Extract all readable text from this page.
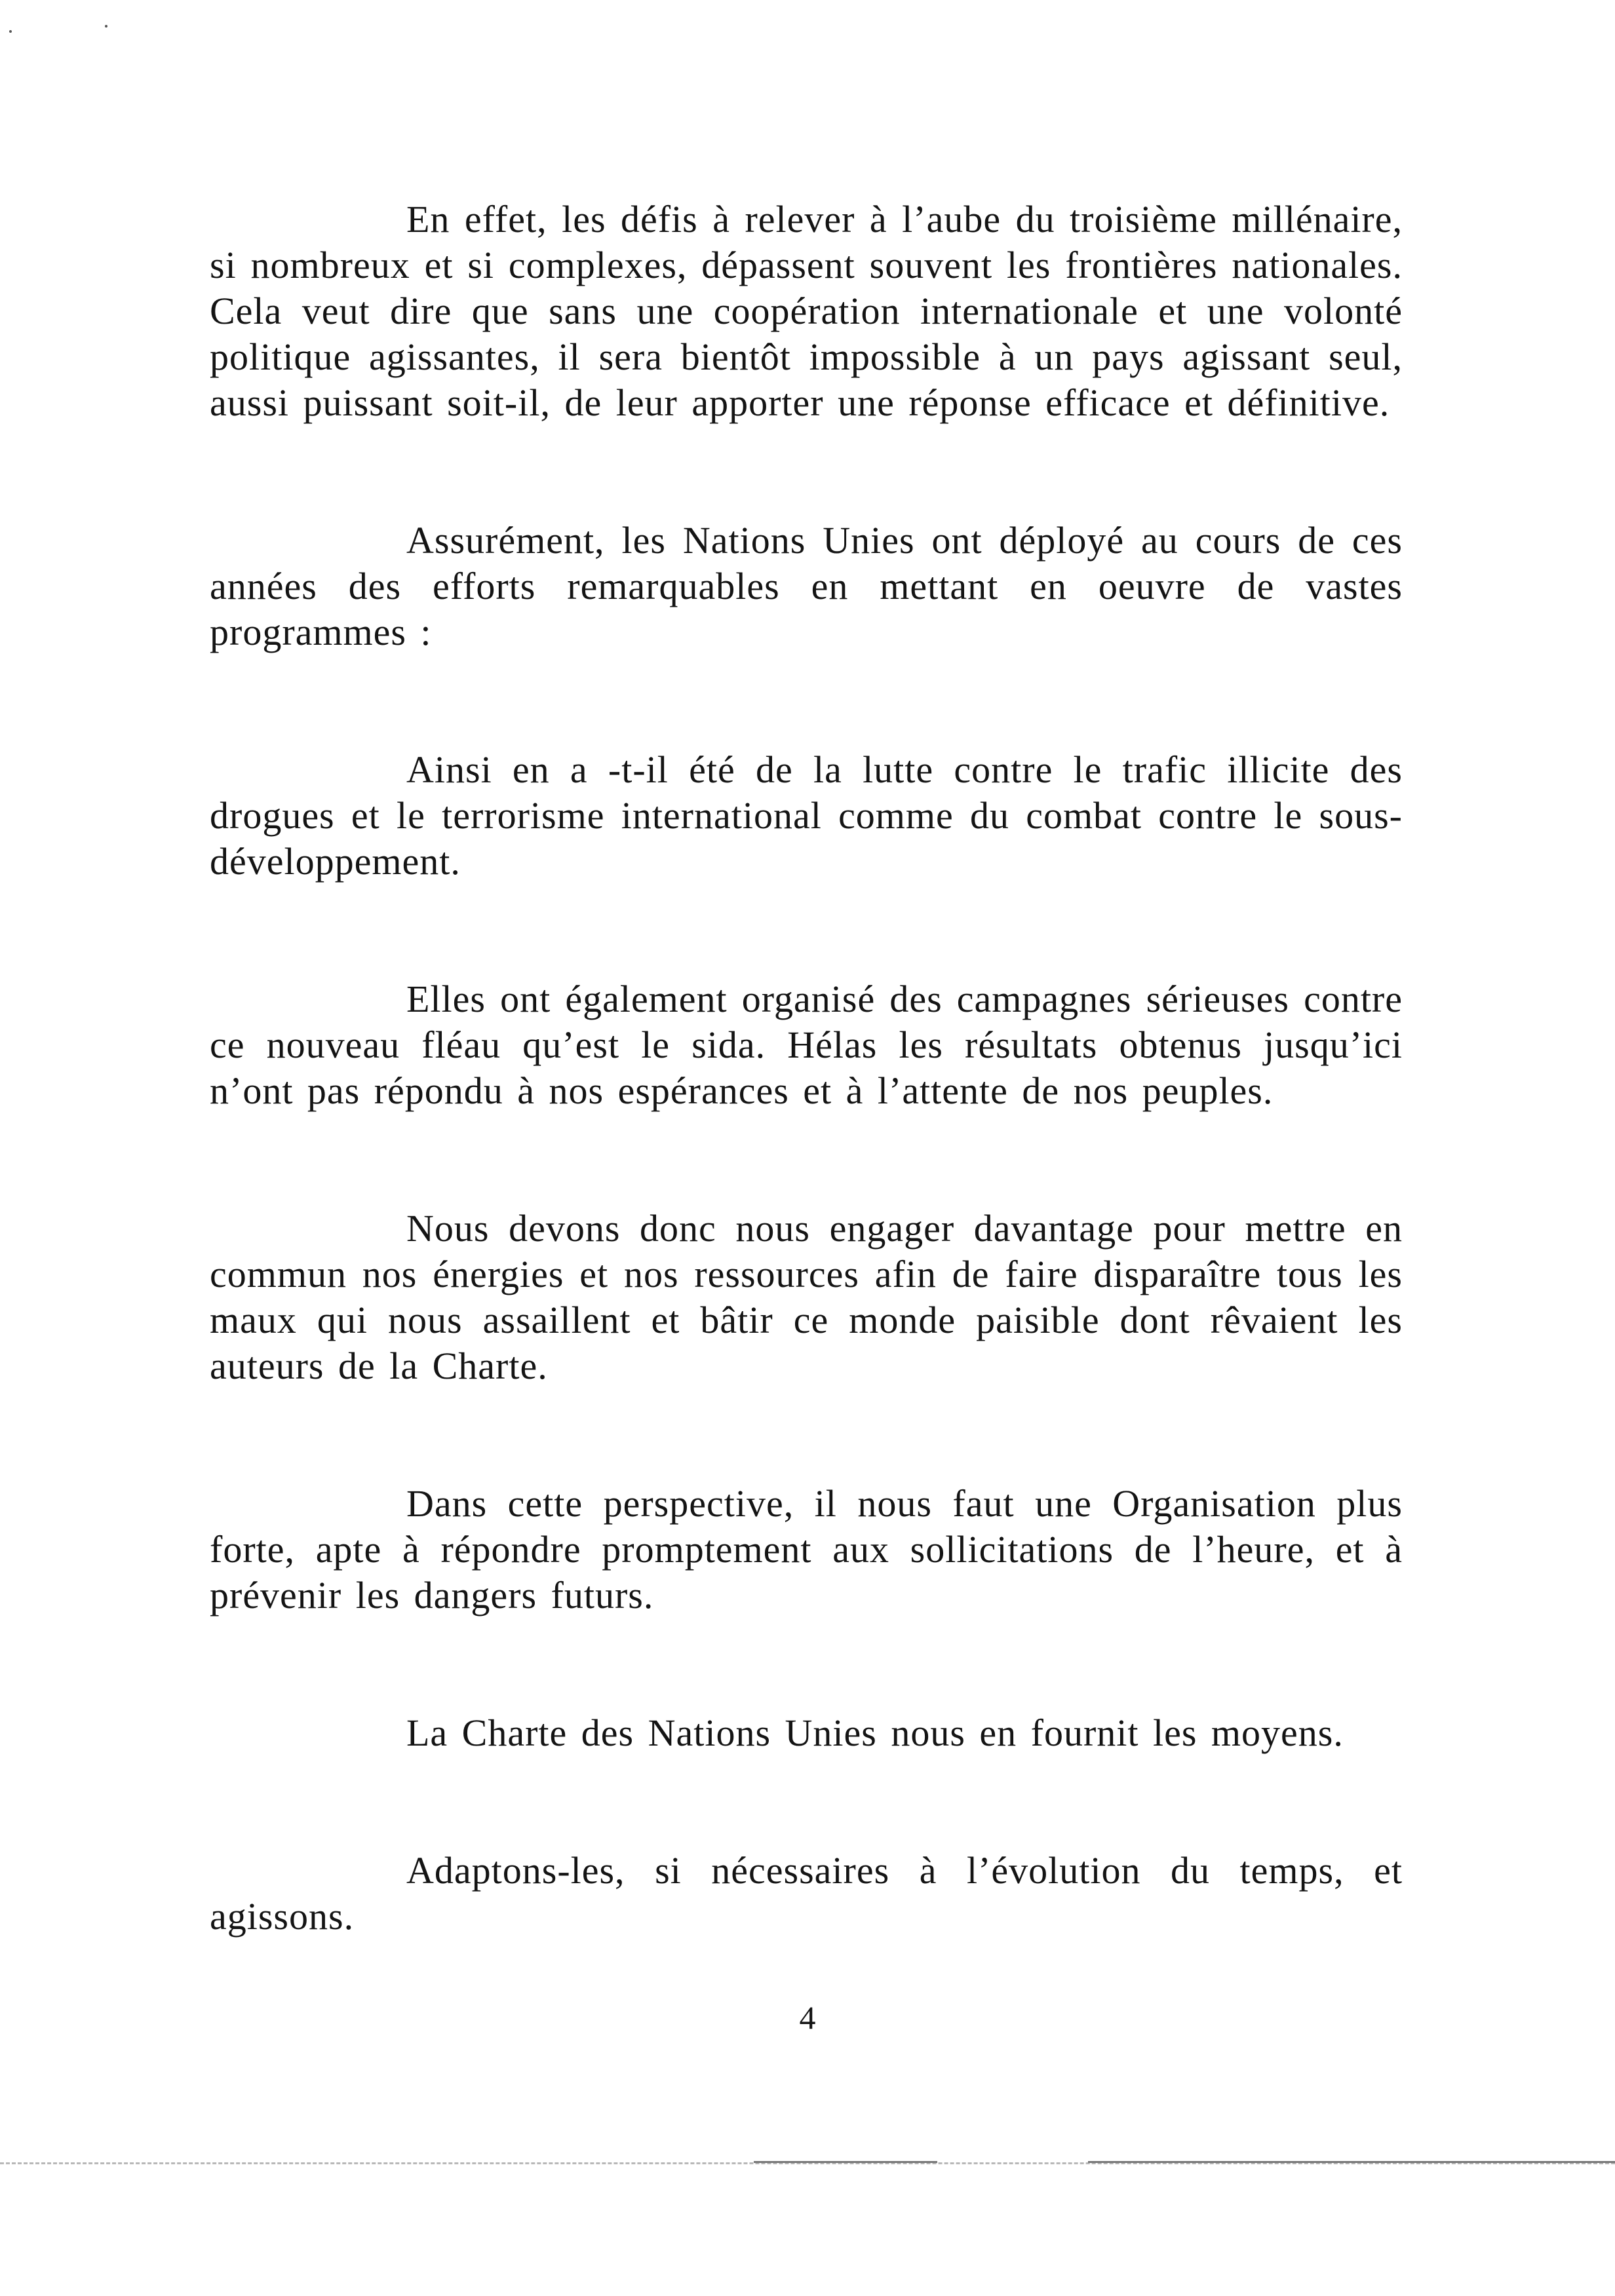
En effet, les défis à relever à l’aube du troisième millénaire, si nombreux et si complexes, dépassent souvent les frontières nationales. Cela veut dire que sans une coopération internationale et une volonté politique agissantes, il sera bientôt impossible à un pays agissant seul, aussi puissant soit-il, de leur apporter une réponse efficace et définitive.

Assurément, les Nations Unies ont déployé au cours de ces années des efforts remarquables en mettant en oeuvre de vastes programmes :

Ainsi en a -t-il été de la lutte contre le trafic illicite des drogues et le terrorisme international comme du combat contre le sous-développement.

Elles ont également organisé des campagnes sérieuses contre ce nouveau fléau qu’est le sida. Hélas les résultats obtenus jusqu’ici n’ont pas répondu à nos espérances et à l’attente de nos peuples.

Nous devons donc nous engager davantage pour mettre en commun nos énergies et nos ressources afin de faire disparaître tous les maux qui nous assaillent et bâtir ce monde paisible dont rêvaient les auteurs de la Charte.

Dans cette perspective, il nous faut une Organisation plus forte, apte à répondre promptement aux sollicitations de l’heure, et à prévenir les dangers futurs.

La Charte des Nations Unies nous en fournit les moyens.

Adaptons-les, si nécessaires à l’évolution du temps, et agissons.

4
